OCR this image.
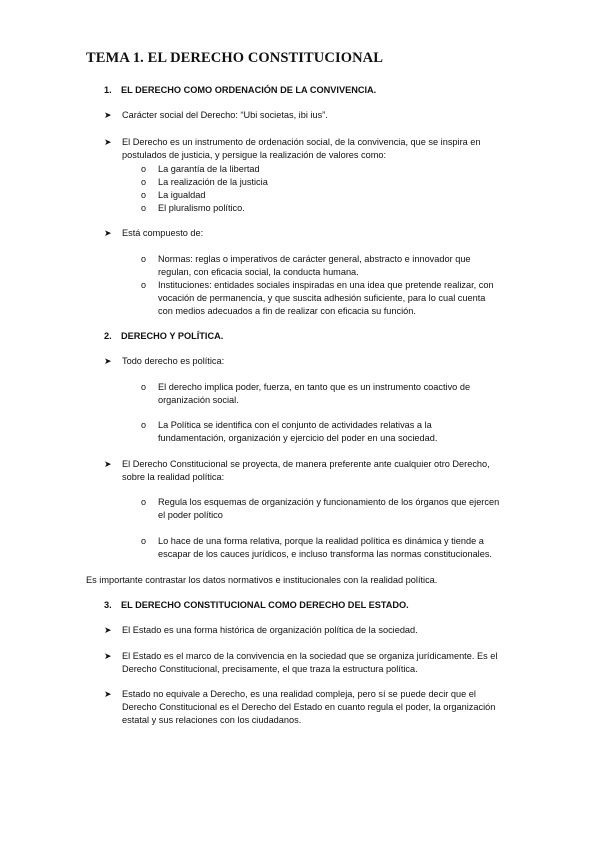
TEMA 1. EL DERECHO CONSTITUCIONAL
1. EL DERECHO COMO ORDENACIÓN DE LA CONVIVENCIA.
➤ Carácter social del Derecho: “Ubi societas, ibi ius”.
➤ El Derecho es un instrumento de ordenación social, de la convivencia, que se inspira en
postulados de justicia, y persigue la realización de valores como:
o La garantía de la libertad
o La realización de la justicia
o La igualdad
o El pluralismo político.
➤ Está compuesto de:
o Normas: reglas o imperativos de carácter general, abstracto e innovador que
regulan, con eficacia social, la conducta humana.
o Instituciones: entidades sociales inspiradas en una idea que pretende realizar, con
vocación de permanencia, y que suscita adhesión suficiente, para lo cual cuenta
con medios adecuados a fin de realizar con eficacia su función.
2. DERECHO Y POLÍTICA.
➤ Todo derecho es política:
o El derecho implica poder, fuerza, en tanto que es un instrumento coactivo de
organización social.
o La Política se identifica con el conjunto de actividades relativas a la
fundamentación, organización y ejercicio del poder en una sociedad.
➤ El Derecho Constitucional se proyecta, de manera preferente ante cualquier otro Derecho,
sobre la realidad política:
o Regula los esquemas de organización y funcionamiento de los órganos que ejercen
el poder político
o Lo hace de una forma relativa, porque la realidad política es dinámica y tiende a
escapar de los cauces jurídicos, e incluso transforma las normas constitucionales.
Es importante contrastar los datos normativos e institucionales con la realidad política.
3. EL DERECHO CONSTITUCIONAL COMO DERECHO DEL ESTADO.
➤ El Estado es una forma histórica de organización política de la sociedad.
➤ El Estado es el marco de la convivencia en la sociedad que se organiza jurídicamente. Es el
Derecho Constitucional, precisamente, el que traza la estructura política.
➤ Estado no equivale a Derecho, es una realidad compleja, pero sí se puede decir que el
Derecho Constitucional es el Derecho del Estado en cuanto regula el poder, la organización
estatal y sus relaciones con los ciudadanos.
